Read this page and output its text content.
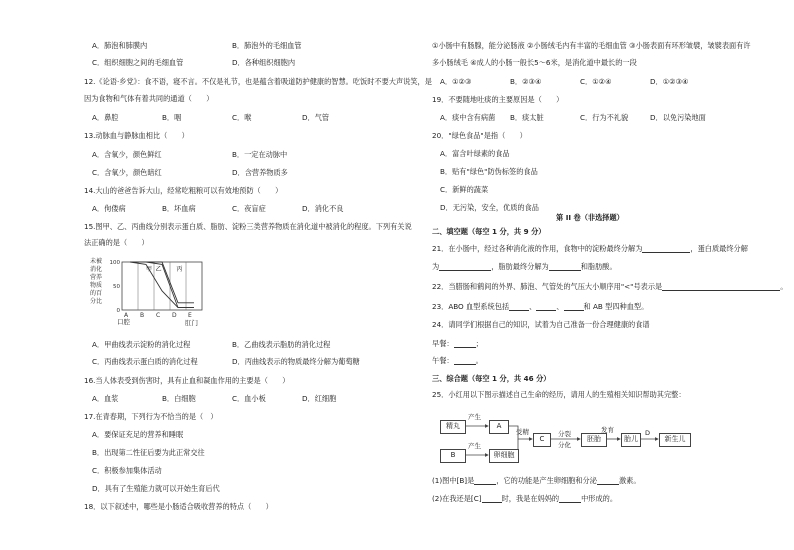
A．肺泡和肺膜内	B．肺泡外的毛细血管
C．组织细胞之间的毛细血管	D．各种组织细胞内
12.《论语·乡党》：食不语，寝不言。不仅是礼节，也是蕴含着吸道防护健康的智慧。吃饭时不要大声说笑，是
因为食物和气体有着共同的通道（　　）
A．鼻腔	B．咽	C．喉	D．气管
13.动脉血与静脉血相比（　　）
A．含氧少，颜色鲜红	B．一定在动脉中
C．含氧少，颜色暗红	D．含营养物质多
14.大山的爸爸告诉大山，经常吃粗粮可以有效地预防（　　）
A．佝偻病	B．坏血病	C．夜盲症	D．消化不良
15.图甲、乙、丙曲线分别表示蛋白质、脂肪、淀粉三类营养物质在消化道中被消化的程度。下列有关说
法正确的是（　　）
未被
消化
营养
物质
的百
分比
0
50
100
A B C D E
甲 乙 丙
口腔	肛门
A．甲曲线表示淀粉的消化过程	B．乙曲线表示脂肪的消化过程
C．丙曲线表示蛋白质的消化过程	D．丙曲线表示的物质最终分解为葡萄糖
16.当人体表受到伤害时，具有止血和凝血作用的主要是（　　）
A．血浆	B．白细胞	C．血小板	D．红细胞
17.在青春期，下列行为不恰当的是（　）
A．要保证充足的营养和睡眠
B．出现第二性征后要为此正常交往
C．积极参加集体活动
D．具有了生殖能力就可以开始生育后代
18．以下叙述中，哪些是小肠适合吸收营养的特点（　　）
①小肠中有肠腺，能分泌肠液 ②小肠绒毛内有丰富的毛细血管 ③小肠表面有环形皱襞，皱襞表面有许
多小肠绒毛 ④成人的小肠一般长5～6米，是消化道中最长的一段
A．①②③	B．②③④	C．①②④	D．①②③④
19．不要随地吐痰的主要原因是（　　）
A．痰中含有病菌 B．痰太脏	C．行为不礼貌	D．以免污染地面
20．"绿色食品"是指（　　）
A．富含叶绿素的食品
B．贴有"绿色"防伪标签的食品
C．新鲜的蔬菜
D．无污染，安全，优质的食品
第 II 卷（非选择题）
二、填空题（每空 1 分，共 9 分）
21．在小肠中，经过各种消化液的作用，食物中的淀粉最终分解为	，蛋白质最终分解
为	，脂肪最终分解为	和脂肪酸。
22．当腊肠和鹤间的外界、肺泡、气管处的气压大小顺序用"<"号表示是	。
23．ABO 血型系统包括	、	、	和 AB 型四种血型。
24．请同学们根据自己的知识，试着为自己准备一份合理健康的食谱
早餐：	；
午餐：	。
三、综合题（每空 1 分，共 46 分）
25．小红用以下图示描述自己生命的经历，请用人的生殖相关知识帮助其完整：
精丸
B
产生
产生
A
卵细胞
受精
C
分裂
分化
胚胎
发育
胎儿
D
新生儿
(1)图中[B]是	，它的功能是产生卵细胞和分泌	激素。
(2)在我还是[C]	时，我是在妈妈的	中形成的。
